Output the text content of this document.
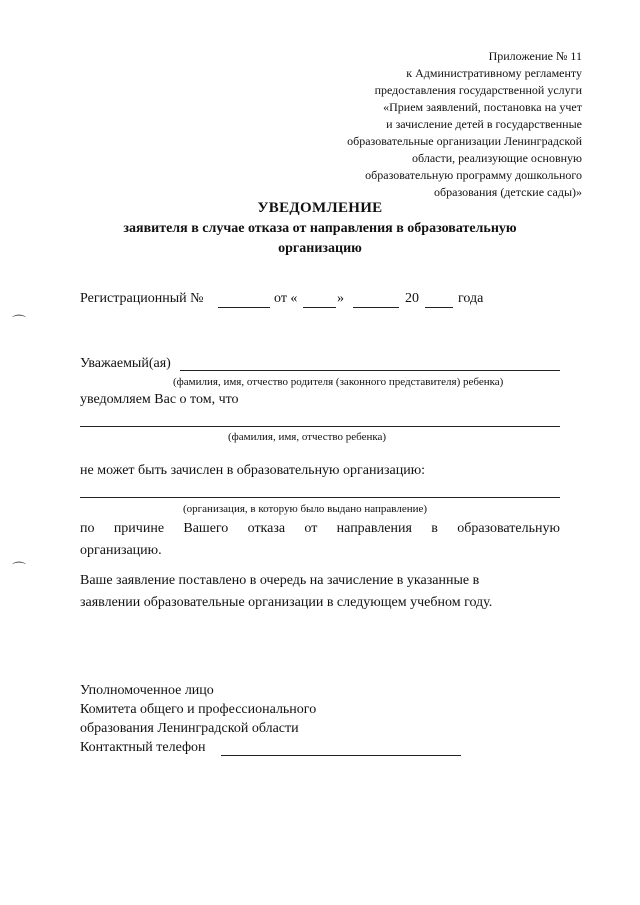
Приложение № 11
к Административному регламенту
предоставления государственной услуги
«Прием заявлений, постановка на учет
и зачисление детей в государственные
образовательные организации Ленинградской
области, реализующие основную
образовательную программу дошкольного
образования (детские сады)»
УВЕДОМЛЕНИЕ
заявителя в случае отказа от направления в образовательную
организацию
Регистрационный №	от «	»	20	года
⌒
⌒
Уважаемый(ая)
(фамилия, имя, отчество родителя (законного представителя) ребенка)
уведомляем Вас о том, что
(фамилия, имя, отчество ребенка)
не может быть зачислен в образовательную организацию:
(организация, в которую было выдано направление)
по причине Вашего отказа от направления в образовательную
организацию.
Ваше заявление поставлено в очередь на зачисление в указанные в
заявлении образовательные организации в следующем учебном году.
Уполномоченное лицо
Комитета общего и профессионального
образования Ленинградской области
Контактный телефон
